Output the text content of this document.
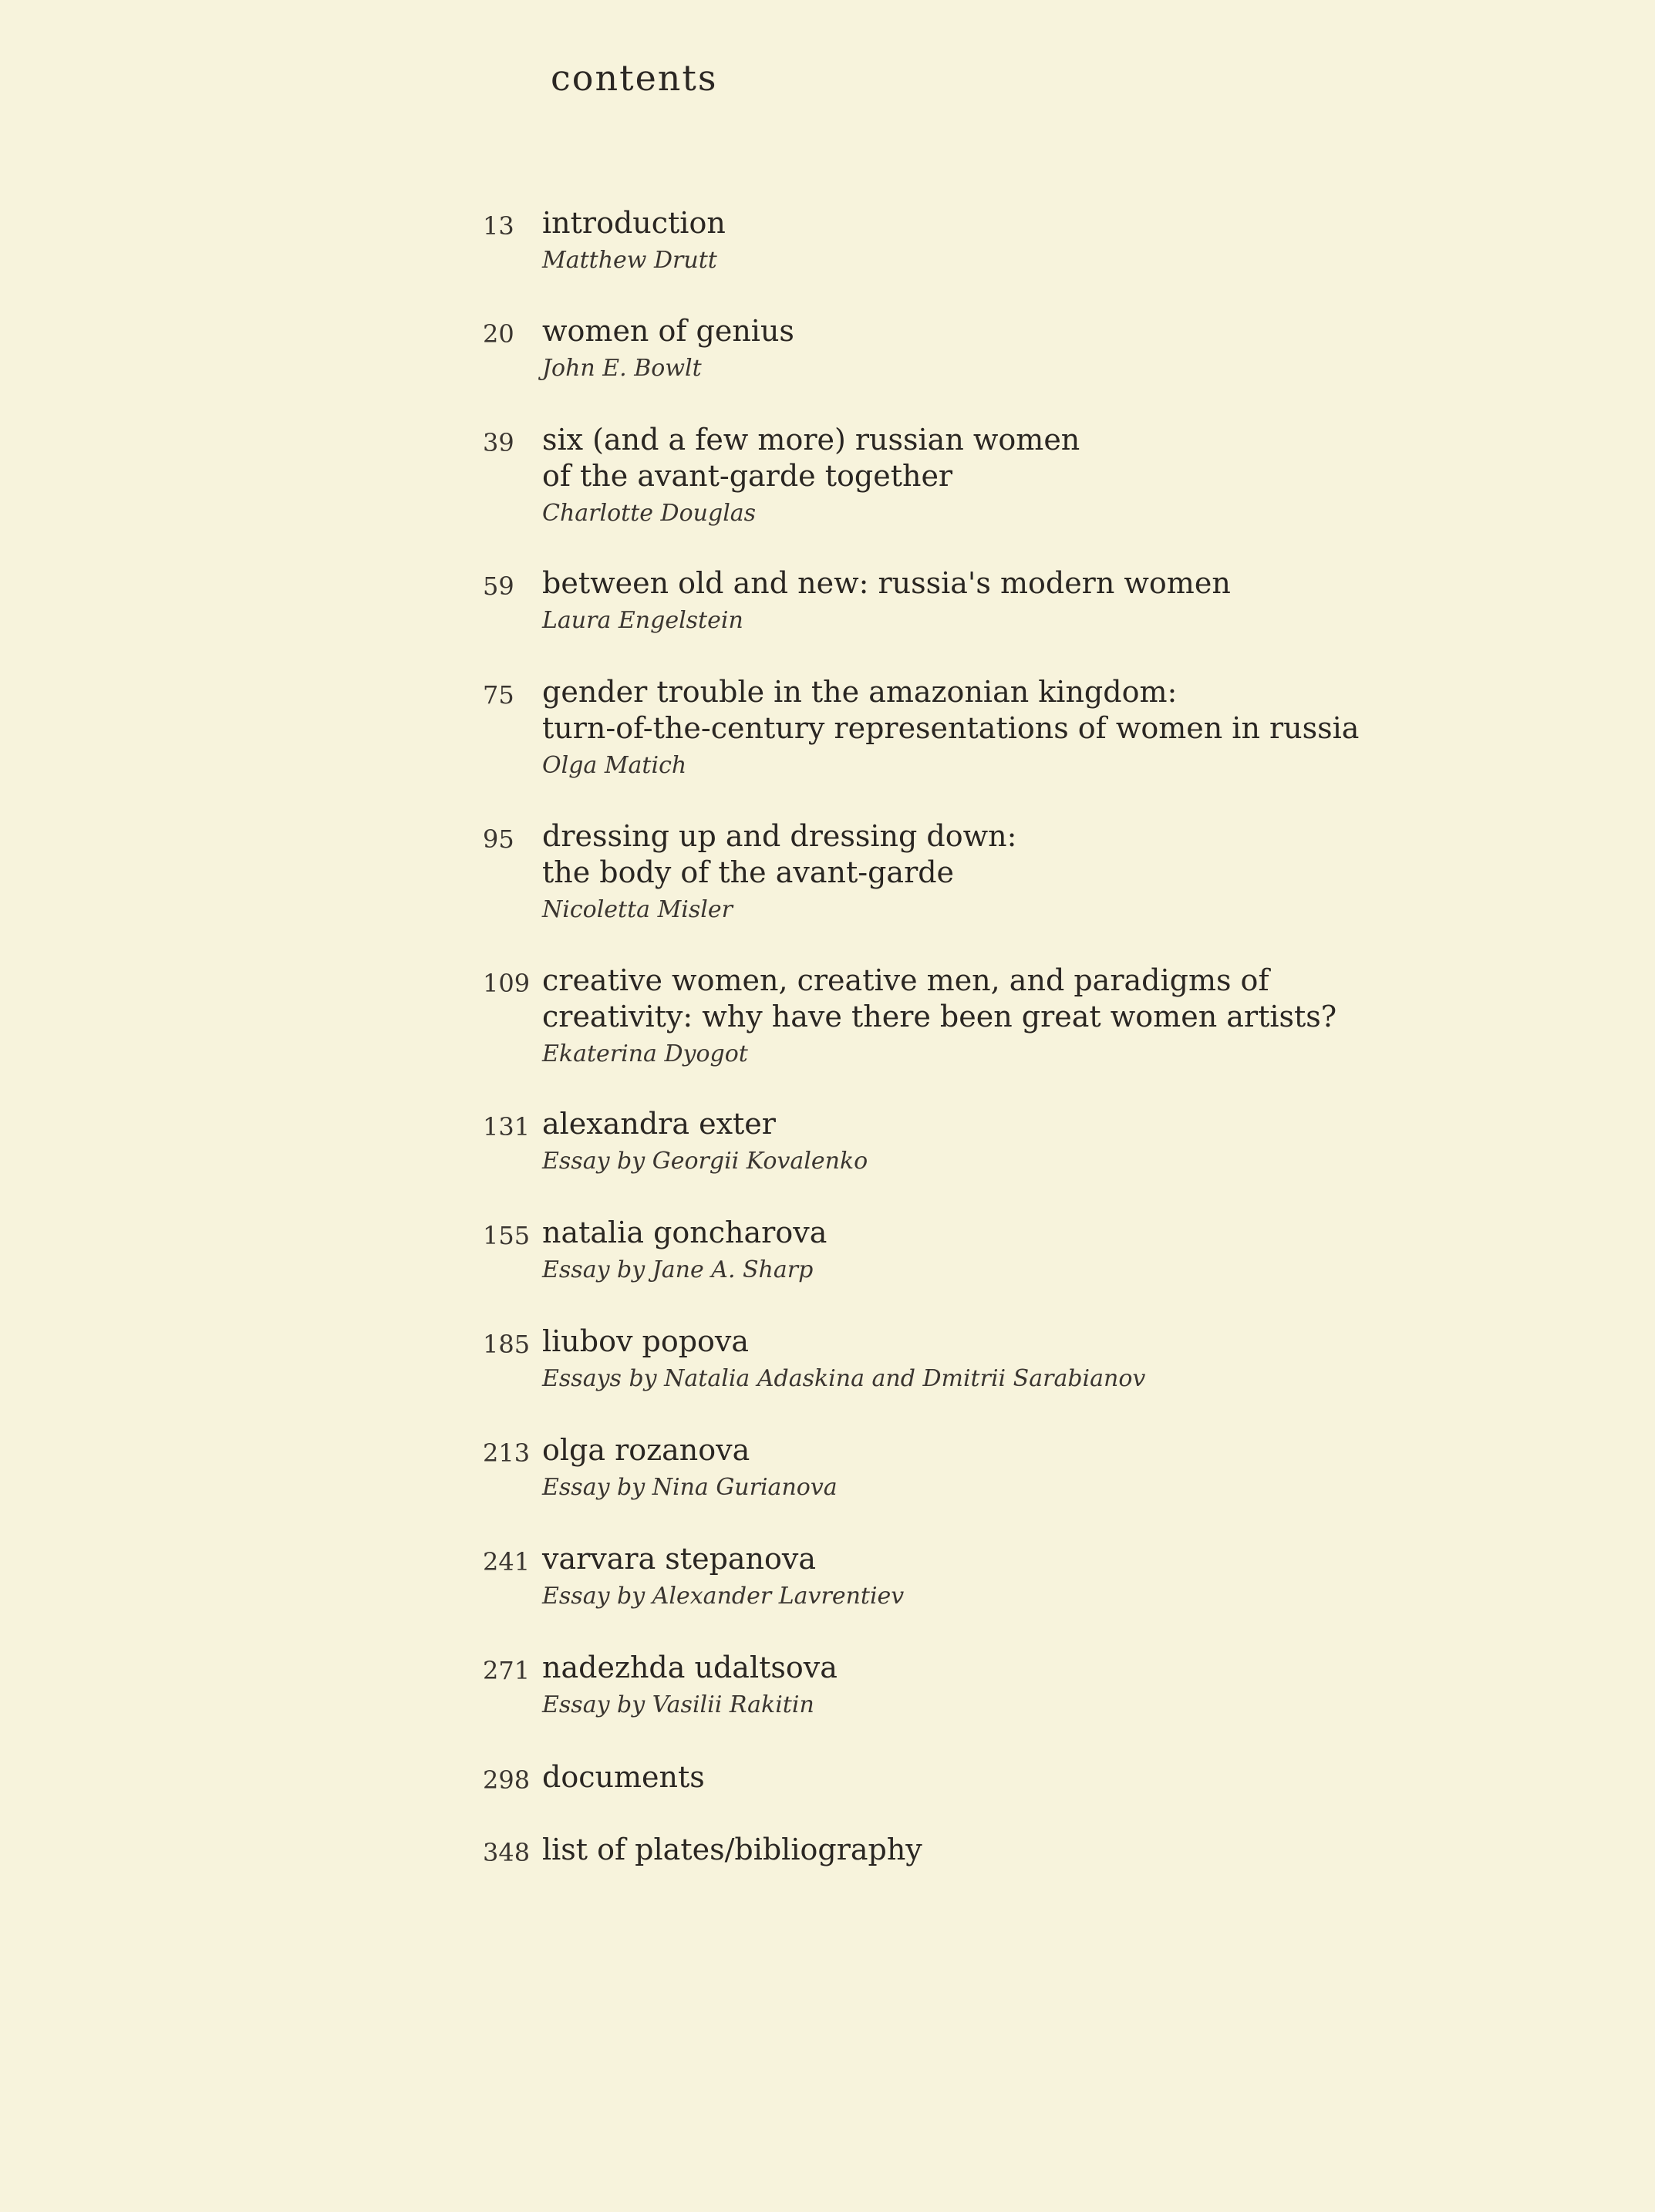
contents
13 introduction
Matthew Drutt
20 women of genius
John E. Bowlt
39 six (and a few more) russian women
of the avant-garde together
Charlotte Douglas
59 between old and new: russia's modern women
Laura Engelstein
75 gender trouble in the amazonian kingdom:
turn-of-the-century representations of women in russia
Olga Matich
95 dressing up and dressing down:
the body of the avant-garde
Nicoletta Misler
109 creative women, creative men, and paradigms of
creativity: why have there been great women artists?
Ekaterina Dyogot
131 alexandra exter
Essay by Georgii Kovalenko
155 natalia goncharova
Essay by Jane A. Sharp
185 liubov popova
Essays by Natalia Adaskina and Dmitrii Sarabianov
213 olga rozanova
Essay by Nina Gurianova
241 varvara stepanova
Essay by Alexander Lavrentiev
271 nadezhda udaltsova
Essay by Vasilii Rakitin
298 documents
348 list of plates/bibliography
